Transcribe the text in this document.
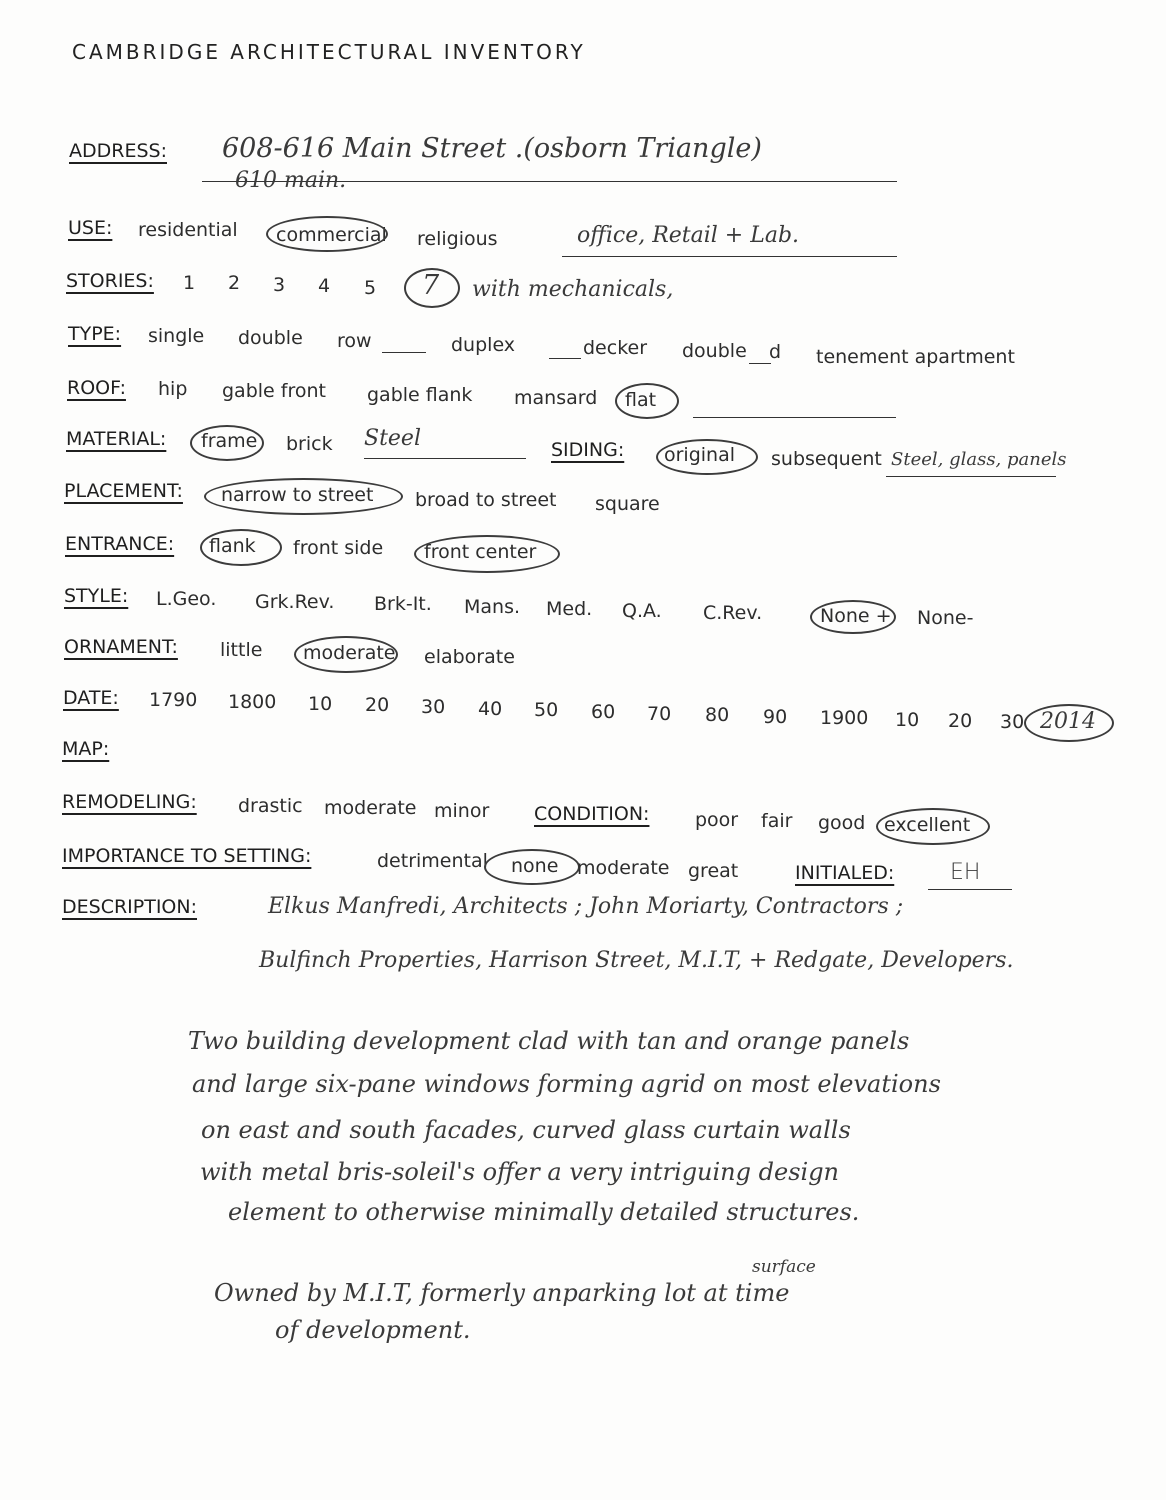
CAMBRIDGE ARCHITECTURAL INVENTORY
ADDRESS: 608-616 Main Street .(osborn Triangle)
610 main.
USE: residential commercial religious	office, Retail + Lab.
STORIES: 1 2 3 4 5 7 with mechanicals,
TYPE: single double row	duplex	decker double d tenement apartment
ROOF: hip gable front gable flank mansard flat
MATERIAL: frame brick Steel	SIDING: original subsequent Steel, glass, panels
PLACEMENT: narrow to street broad to street square
ENTRANCE: flank front side front center
STYLE: L.Geo. Grk.Rev. Brk-It. Mans. Med. Q.A. C.Rev.	None + None-
ORNAMENT: little moderate elaborate
DATE: 1790 1800 10 20 30 40 50 60 70 80 90 1900 10 20 30 2014
MAP:
REMODELING: drastic moderate minor CONDITION: poor fair good excellent
IMPORTANCE TO SETTING:	detrimental none moderate great	INITIALED:	EH
DESCRIPTION:	Elkus Manfredi, Architects ; John Moriarty, Contractors ;
Bulfinch Properties, Harrison Street, M.I.T, + Redgate, Developers.
Two building development clad with tan and orange panels
and large six-pane windows forming agrid on most elevations
on east and south facades, curved glass curtain walls
with metal bris-soleil's offer a very intriguing design
element to otherwise minimally detailed structures.
surface
Owned by M.I.T, formerly anparking lot at time
of development.
